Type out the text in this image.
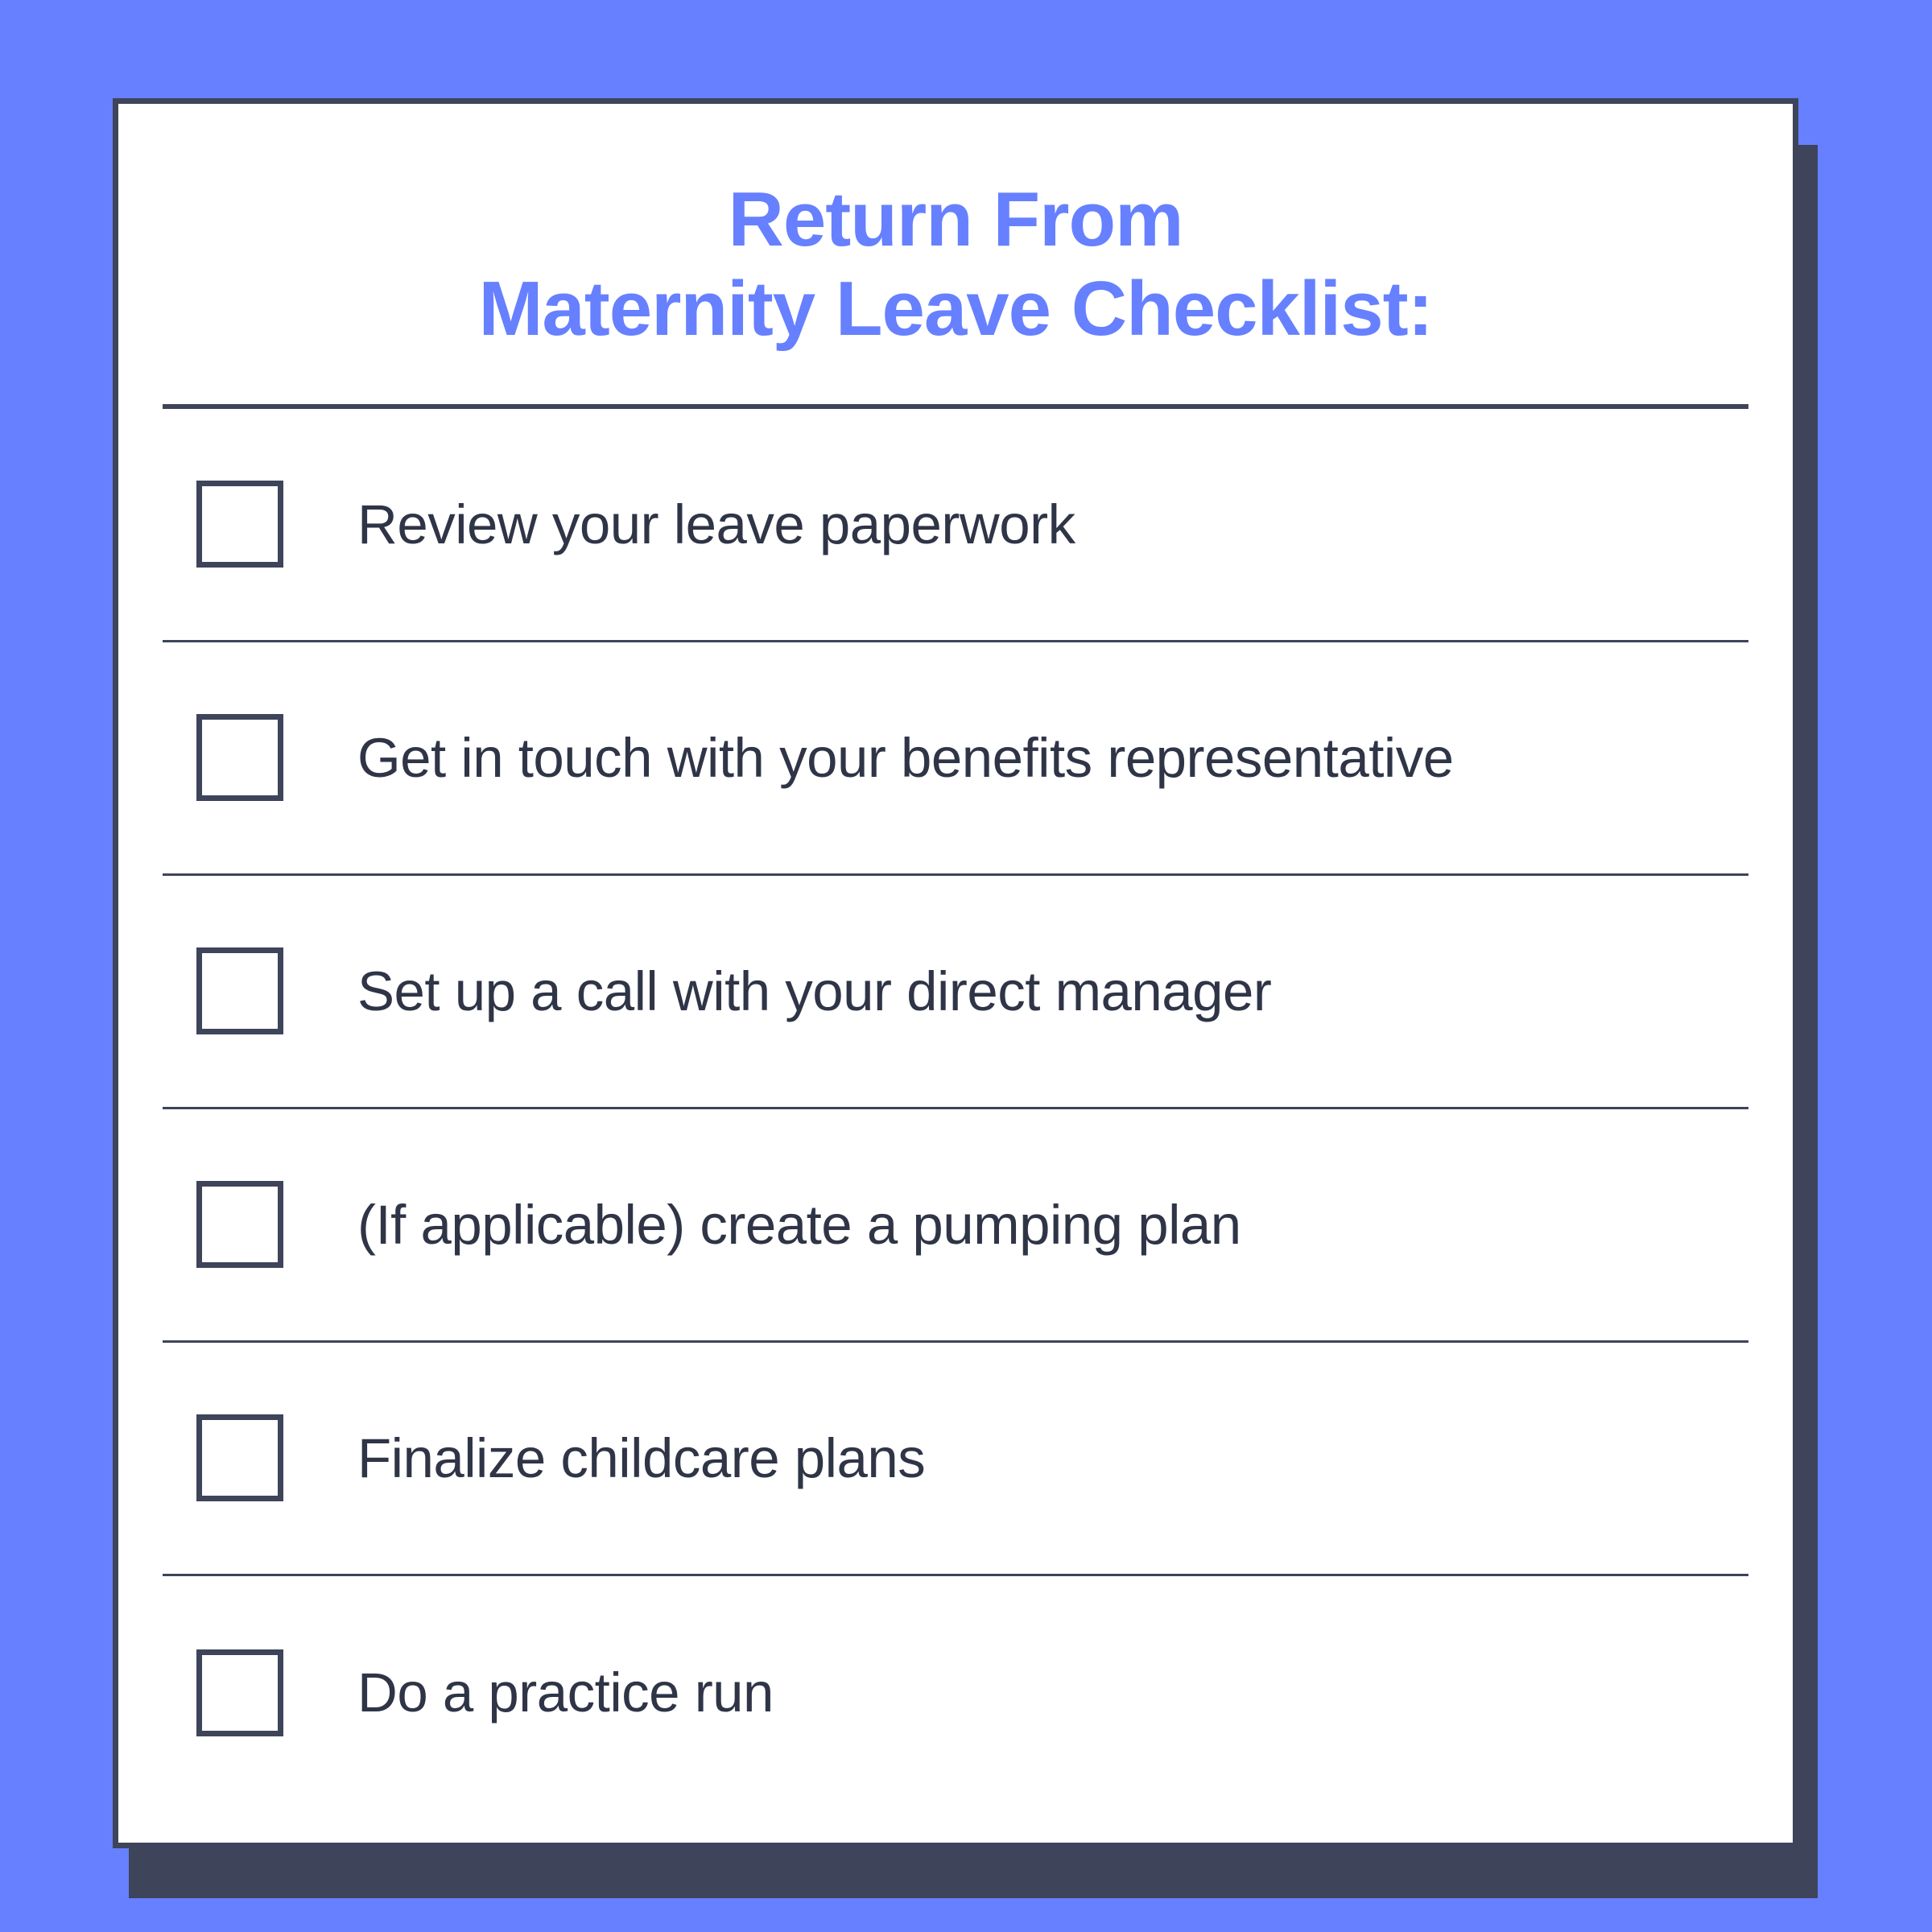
Return From
Maternity Leave Checklist:
Review your leave paperwork
Get in touch with your benefits representative
Set up a call with your direct manager
(If applicable) create a pumping plan
Finalize childcare plans
Do a practice run
